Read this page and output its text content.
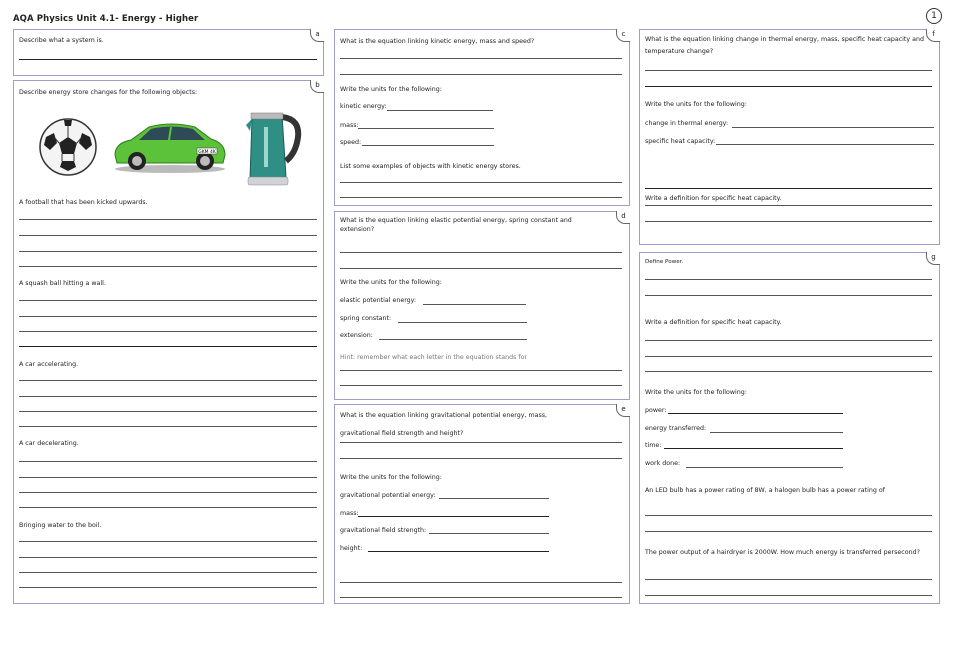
AQA Physics Unit 4.1- Energy - Higher	1
a
Describe what a system is.
b
Describe energy store changes for the following objects:
GKM 4K
A football that has been kicked upwards.
A squash ball hitting a wall.
A car accelerating.
A car decelerating.
Bringing water to the boil.
c
What is the equation linking kinetic energy, mass and speed?
Write the units for the following:
kinetic energy:
mass:
speed:
List some examples of objects with kinetic energy stores.
d
What is the equation linking elastic potential energy, spring constant and extension?
Write the units for the following:
elastic potential energy:
spring constant:
extension:
Hint: remember what each letter in the equation stands for
e
What is the equation linking gravitational potential energy, mass,
gravitational field strength and height?
Write the units for the following:
gravitational potential energy:
mass:
gravitational field strength:
height:
f
What is the equation linking change in thermal energy, mass, specific heat capacity and temperature change?
Write the units for the following:
change in thermal energy:
specific heat capacity:
Write a definition for specific heat capacity.
g
Define Power.
Write a definition for specific heat capacity.
Write the units for the following:
power:
energy transferred:
time:
work done:
An LED bulb has a power rating of 8W, a halogen bulb has a power rating of
The power output of a hairdryer is 2000W. How much energy is transferred persecond?
